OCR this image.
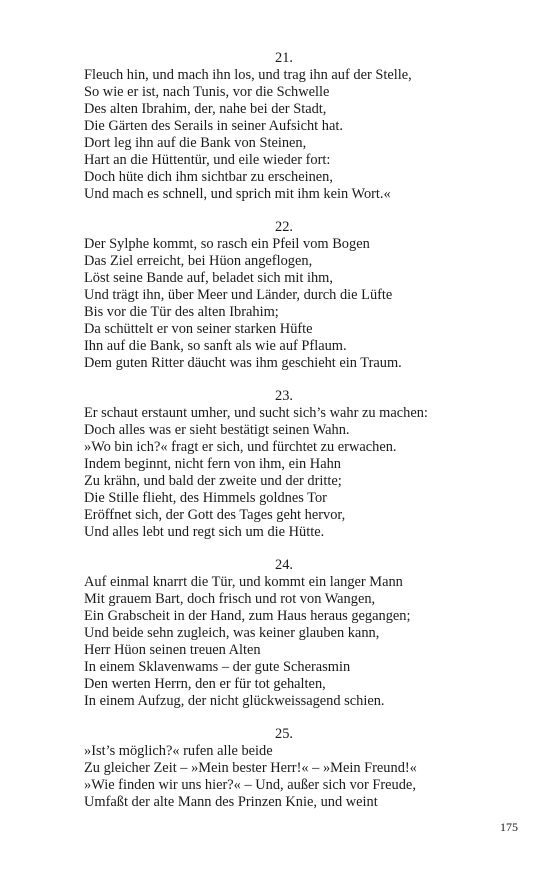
21.
Fleuch hin, und mach ihn los, und trag ihn auf der Stelle,
So wie er ist, nach Tunis, vor die Schwelle
Des alten Ibrahim, der, nahe bei der Stadt,
Die Gärten des Serails in seiner Aufsicht hat.
Dort leg ihn auf die Bank von Steinen,
Hart an die Hüttentür, und eile wieder fort:
Doch hüte dich ihm sichtbar zu erscheinen,
Und mach es schnell, und sprich mit ihm kein Wort.«
22.
Der Sylphe kommt, so rasch ein Pfeil vom Bogen
Das Ziel erreicht, bei Hüon angeflogen,
Löst seine Bande auf, beladet sich mit ihm,
Und trägt ihn, über Meer und Länder, durch die Lüfte
Bis vor die Tür des alten Ibrahim;
Da schüttelt er von seiner starken Hüfte
Ihn auf die Bank, so sanft als wie auf Pflaum.
Dem guten Ritter däucht was ihm geschieht ein Traum.
23.
Er schaut erstaunt umher, und sucht sich’s wahr zu machen:
Doch alles was er sieht bestätigt seinen Wahn.
»Wo bin ich?« fragt er sich, und fürchtet zu erwachen.
Indem beginnt, nicht fern von ihm, ein Hahn
Zu krähn, und bald der zweite und der dritte;
Die Stille flieht, des Himmels goldnes Tor
Eröffnet sich, der Gott des Tages geht hervor,
Und alles lebt und regt sich um die Hütte.
24.
Auf einmal knarrt die Tür, und kommt ein langer Mann
Mit grauem Bart, doch frisch und rot von Wangen,
Ein Grabscheit in der Hand, zum Haus heraus gegangen;
Und beide sehn zugleich, was keiner glauben kann,
Herr Hüon seinen treuen Alten
In einem Sklavenwams – der gute Scherasmin
Den werten Herrn, den er für tot gehalten,
In einem Aufzug, der nicht glückweissagend schien.
25.
»Ist’s möglich?« rufen alle beide
Zu gleicher Zeit – »Mein bester Herr!« – »Mein Freund!«
»Wie finden wir uns hier?« – Und, außer sich vor Freude,
Umfaßt der alte Mann des Prinzen Knie, und weint
175
